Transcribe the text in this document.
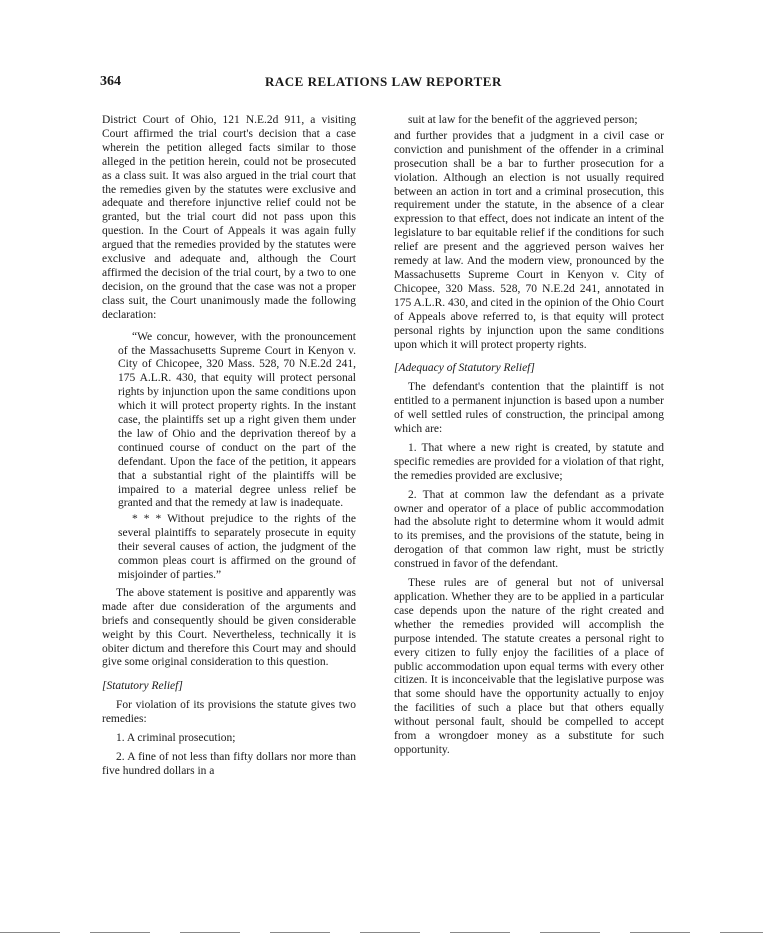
364	RACE RELATIONS LAW REPORTER

District Court of Ohio, 121 N.E.2d 911, a visiting Court affirmed the trial court's decision that a case wherein the petition alleged facts similar to those alleged in the petition herein, could not be prosecuted as a class suit. It was also argued in the trial court that the remedies given by the statutes were exclusive and adequate and therefore injunctive relief could not be granted, but the trial court did not pass upon this question. In the Court of Appeals it was again fully argued that the remedies provided by the statutes were exclusive and adequate and, although the Court affirmed the decision of the trial court, by a two to one decision, on the ground that the case was not a proper class suit, the Court unanimously made the following declaration:

“We concur, however, with the pronouncement of the Massachusetts Supreme Court in Kenyon v. City of Chicopee, 320 Mass. 528, 70 N.E.2d 241, 175 A.L.R. 430, that equity will protect personal rights by injunction upon the same conditions upon which it will protect property rights. In the instant case, the plaintiffs set up a right given them under the law of Ohio and the deprivation thereof by a continued course of conduct on the part of the defendant. Upon the face of the petition, it appears that a substantial right of the plaintiffs will be impaired to a material degree unless relief be granted and that the remedy at law is inadequate.

* * * Without prejudice to the rights of the several plaintiffs to separately prosecute in equity their several causes of action, the judgment of the common pleas court is affirmed on the ground of misjoinder of parties.”

The above statement is positive and apparently was made after due consideration of the arguments and briefs and consequently should be given considerable weight by this Court. Nevertheless, technically it is obiter dictum and therefore this Court may and should give some original consideration to this question.

[Statutory Relief]

For violation of its provisions the statute gives two remedies:

1. A criminal prosecution;

2. A fine of not less than fifty dollars nor more than five hundred dollars in a

suit at law for the benefit of the aggrieved person;

and further provides that a judgment in a civil case or conviction and punishment of the offender in a criminal prosecution shall be a bar to further prosecution for a violation. Although an election is not usually required between an action in tort and a criminal prosecution, this requirement under the statute, in the absence of a clear expression to that effect, does not indicate an intent of the legislature to bar equitable relief if the conditions for such relief are present and the aggrieved person waives her remedy at law. And the modern view, pronounced by the Massachusetts Supreme Court in Kenyon v. City of Chicopee, 320 Mass. 528, 70 N.E.2d 241, annotated in 175 A.L.R. 430, and cited in the opinion of the Ohio Court of Appeals above referred to, is that equity will protect personal rights by injunction upon the same conditions upon which it will protect property rights.

[Adequacy of Statutory Relief]

The defendant's contention that the plaintiff is not entitled to a permanent injunction is based upon a number of well settled rules of construction, the principal among which are:

1. That where a new right is created, by statute and specific remedies are provided for a violation of that right, the remedies provided are exclusive;

2. That at common law the defendant as a private owner and operator of a place of public accommodation had the absolute right to determine whom it would admit to its premises, and the provisions of the statute, being in derogation of that common law right, must be strictly construed in favor of the defendant.

These rules are of general but not of universal application. Whether they are to be applied in a particular case depends upon the nature of the right created and whether the remedies provided will accomplish the purpose intended. The statute creates a personal right to every citizen to fully enjoy the facilities of a place of public accommodation upon equal terms with every other citizen. It is inconceivable that the legislative purpose was that some should have the opportunity actually to enjoy the facilities of such a place but that others equally without personal fault, should be compelled to accept from a wrongdoer money as a substitute for such opportunity.
